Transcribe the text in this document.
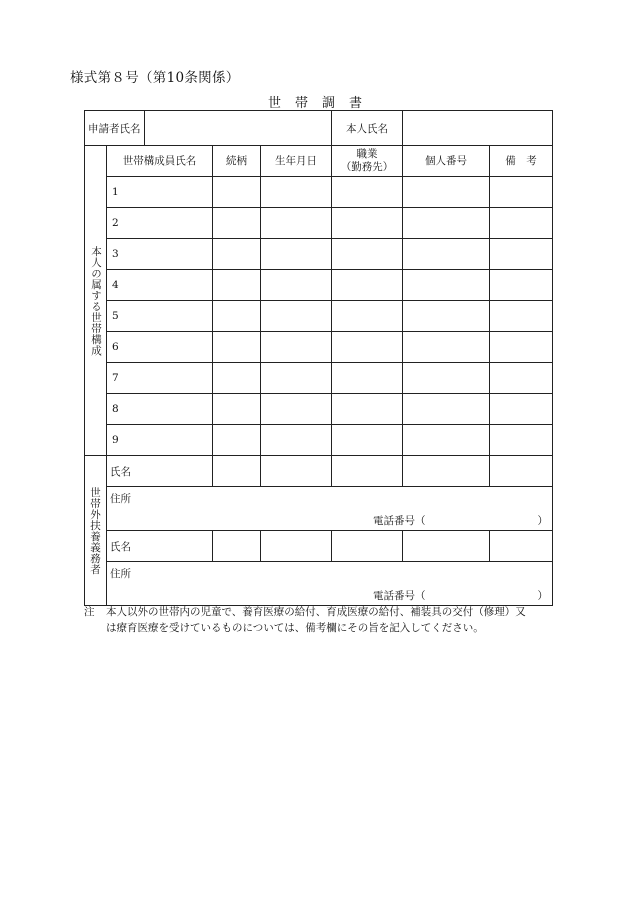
様式第８号（第10条関係）
世帯調書
申請者氏名					本人氏名		
本人の属する世帯構成	世帯構成員氏名		続柄	生年月日	職業
（勤務先）	個人番号	備　考
	1						
	2						
	3						
	4						
	5						
	6						
	7						
	8						
	9						
世帯外扶養義務者	氏名						

	住所
電話番号（ ）						

	氏名						

	住所
電話番号（ ）						
注 本人以外の世帯内の児童で、養育医療の給付、育成医療の給付、補装具の交付（修理）又
は療育医療を受けているものについては、備考欄にその旨を記入してください。
